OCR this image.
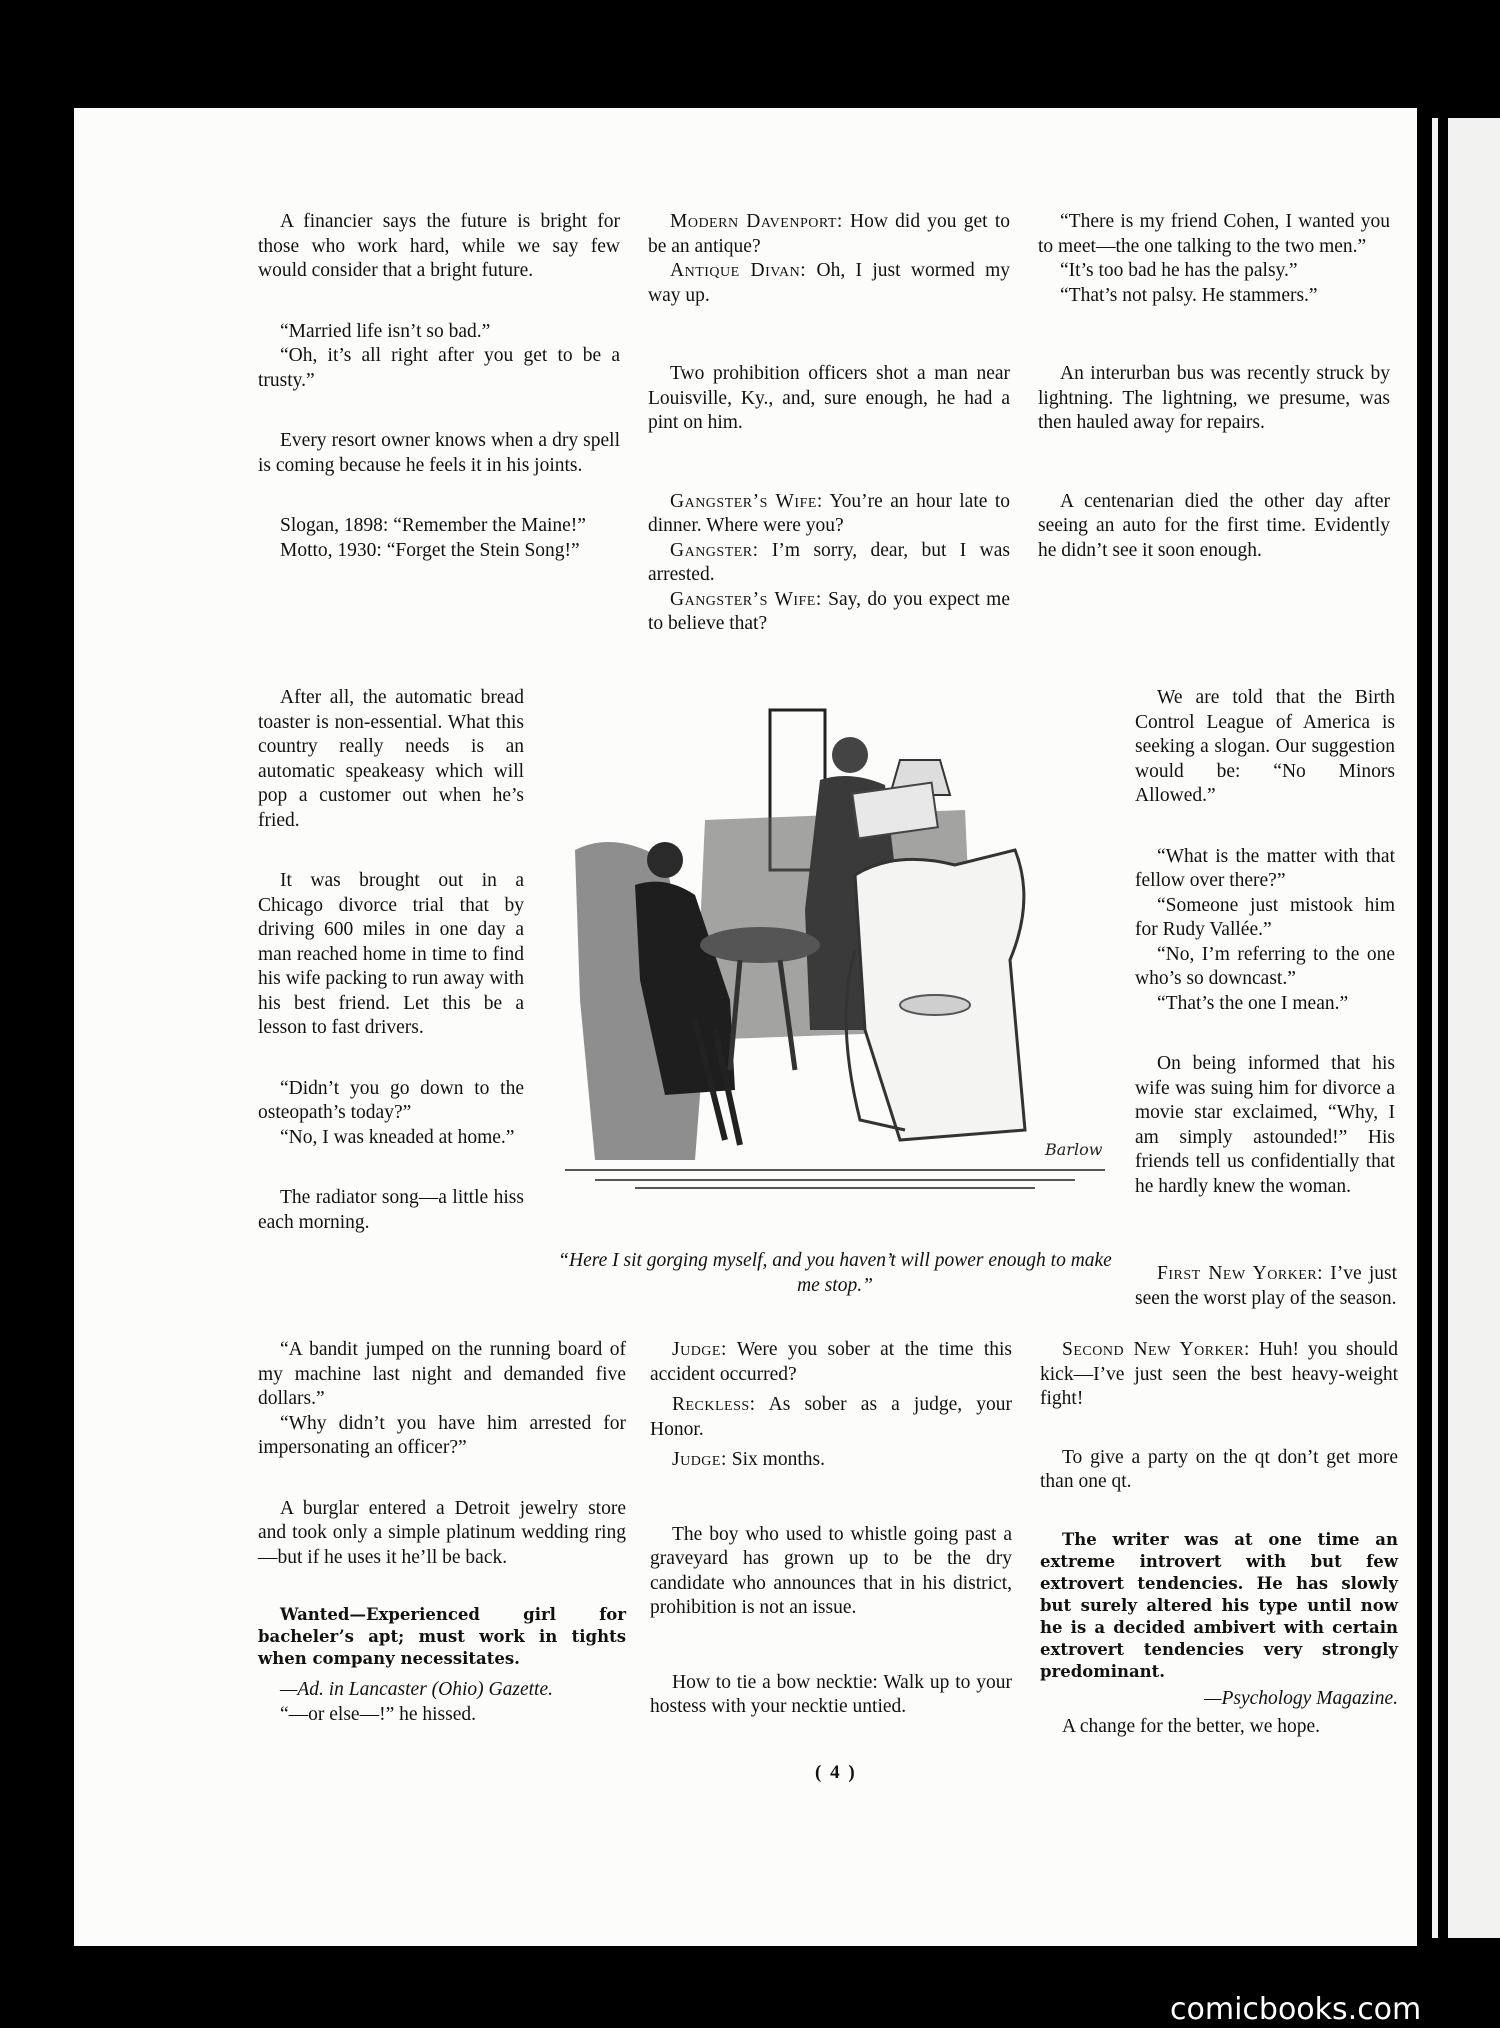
A financier says the future is bright for those who work hard, while we say few would consider that a bright future.

“Married life isn’t so bad.”

“Oh, it’s all right after you get to be a trusty.”

Every resort owner knows when a dry spell is coming because he feels it in his joints.

Slogan, 1898: “Remember the Maine!”

Motto, 1930: “Forget the Stein Song!”

After all, the automatic bread toaster is non-essential. What this country really needs is an automatic speakeasy which will pop a customer out when he’s fried.

It was brought out in a Chicago divorce trial that by driving 600 miles in one day a man reached home in time to find his wife packing to run away with his best friend. Let this be a lesson to fast drivers.

“Didn’t you go down to the osteopath’s today?”

“No, I was kneaded at home.”

The radiator song—a little hiss each morning.

“A bandit jumped on the running board of my machine last night and demanded five dollars.”

“Why didn’t you have him arrested for impersonating an officer?”

A burglar entered a Detroit jewelry store and took only a simple platinum wedding ring—but if he uses it he’ll be back.

Wanted—Experienced girl for bacheler’s apt; must work in tights when company necessitates.

—Ad. in Lancaster (Ohio) Gazette.

“—or else—!” he hissed.

Modern Davenport: How did you get to be an antique?

Antique Divan: Oh, I just wormed my way up.

Two prohibition officers shot a man near Louisville, Ky., and, sure enough, he had a pint on him.

Gangster’s Wife: You’re an hour late to dinner. Where were you?

Gangster: I’m sorry, dear, but I was arrested.

Gangster’s Wife: Say, do you expect me to believe that?

Barlow
“Here I sit gorging myself, and you haven’t will power enough to make me stop.”

Judge: Were you sober at the time this accident occurred?

Reckless: As sober as a judge, your Honor.

Judge: Six months.

The boy who used to whistle going past a graveyard has grown up to be the dry candidate who announces that in his district, prohibition is not an issue.

How to tie a bow necktie: Walk up to your hostess with your necktie untied.

“There is my friend Cohen, I wanted you to meet—the one talking to the two men.”

“It’s too bad he has the palsy.”

“That’s not palsy. He stammers.”

An interurban bus was recently struck by lightning. The lightning, we presume, was then hauled away for repairs.

A centenarian died the other day after seeing an auto for the first time. Evidently he didn’t see it soon enough.

We are told that the Birth Control League of America is seeking a slogan. Our suggestion would be: “No Minors Allowed.”

“What is the matter with that fellow over there?”

“Someone just mistook him for Rudy Vallée.”

“No, I’m referring to the one who’s so downcast.”

“That’s the one I mean.”

On being informed that his wife was suing him for divorce a movie star exclaimed, “Why, I am simply astounded!” His friends tell us confidentially that he hardly knew the woman.

First New Yorker: I’ve just seen the worst play of the season.

Second New Yorker: Huh! you should kick—I’ve just seen the best heavy-weight fight!

To give a party on the qt don’t get more than one qt.

The writer was at one time an extreme introvert with but few extrovert tendencies. He has slowly but surely altered his type until now he is a decided ambivert with certain extrovert tendencies very strongly predominant.

—Psychology Magazine.

A change for the better, we hope.

( 4 )
comicbooks.com
